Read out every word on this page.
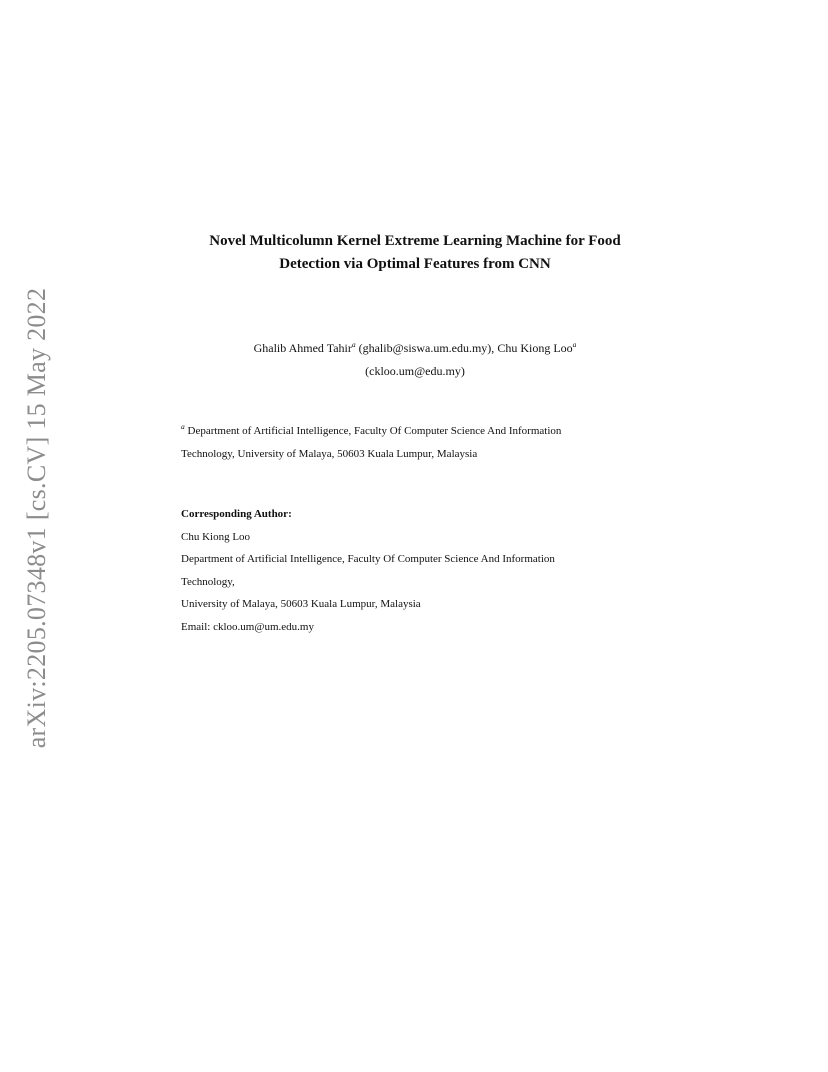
arXiv:2205.07348v1 [cs.CV] 15 May 2022
Novel Multicolumn Kernel Extreme Learning Machine for Food
Detection via Optimal Features from CNN
Ghalib Ahmed Tahir$^a$ (ghalib@siswa.um.edu.my), Chu Kiong Loo$^a$
(ckloo.um@edu.my)
$^a$ Department of Artificial Intelligence, Faculty Of Computer Science And Information
Technology, University of Malaya, 50603 Kuala Lumpur, Malaysia
Corresponding Author:
Chu Kiong Loo
Department of Artificial Intelligence, Faculty Of Computer Science And Information
Technology,
University of Malaya, 50603 Kuala Lumpur, Malaysia
Email: ckloo.um@um.edu.my
